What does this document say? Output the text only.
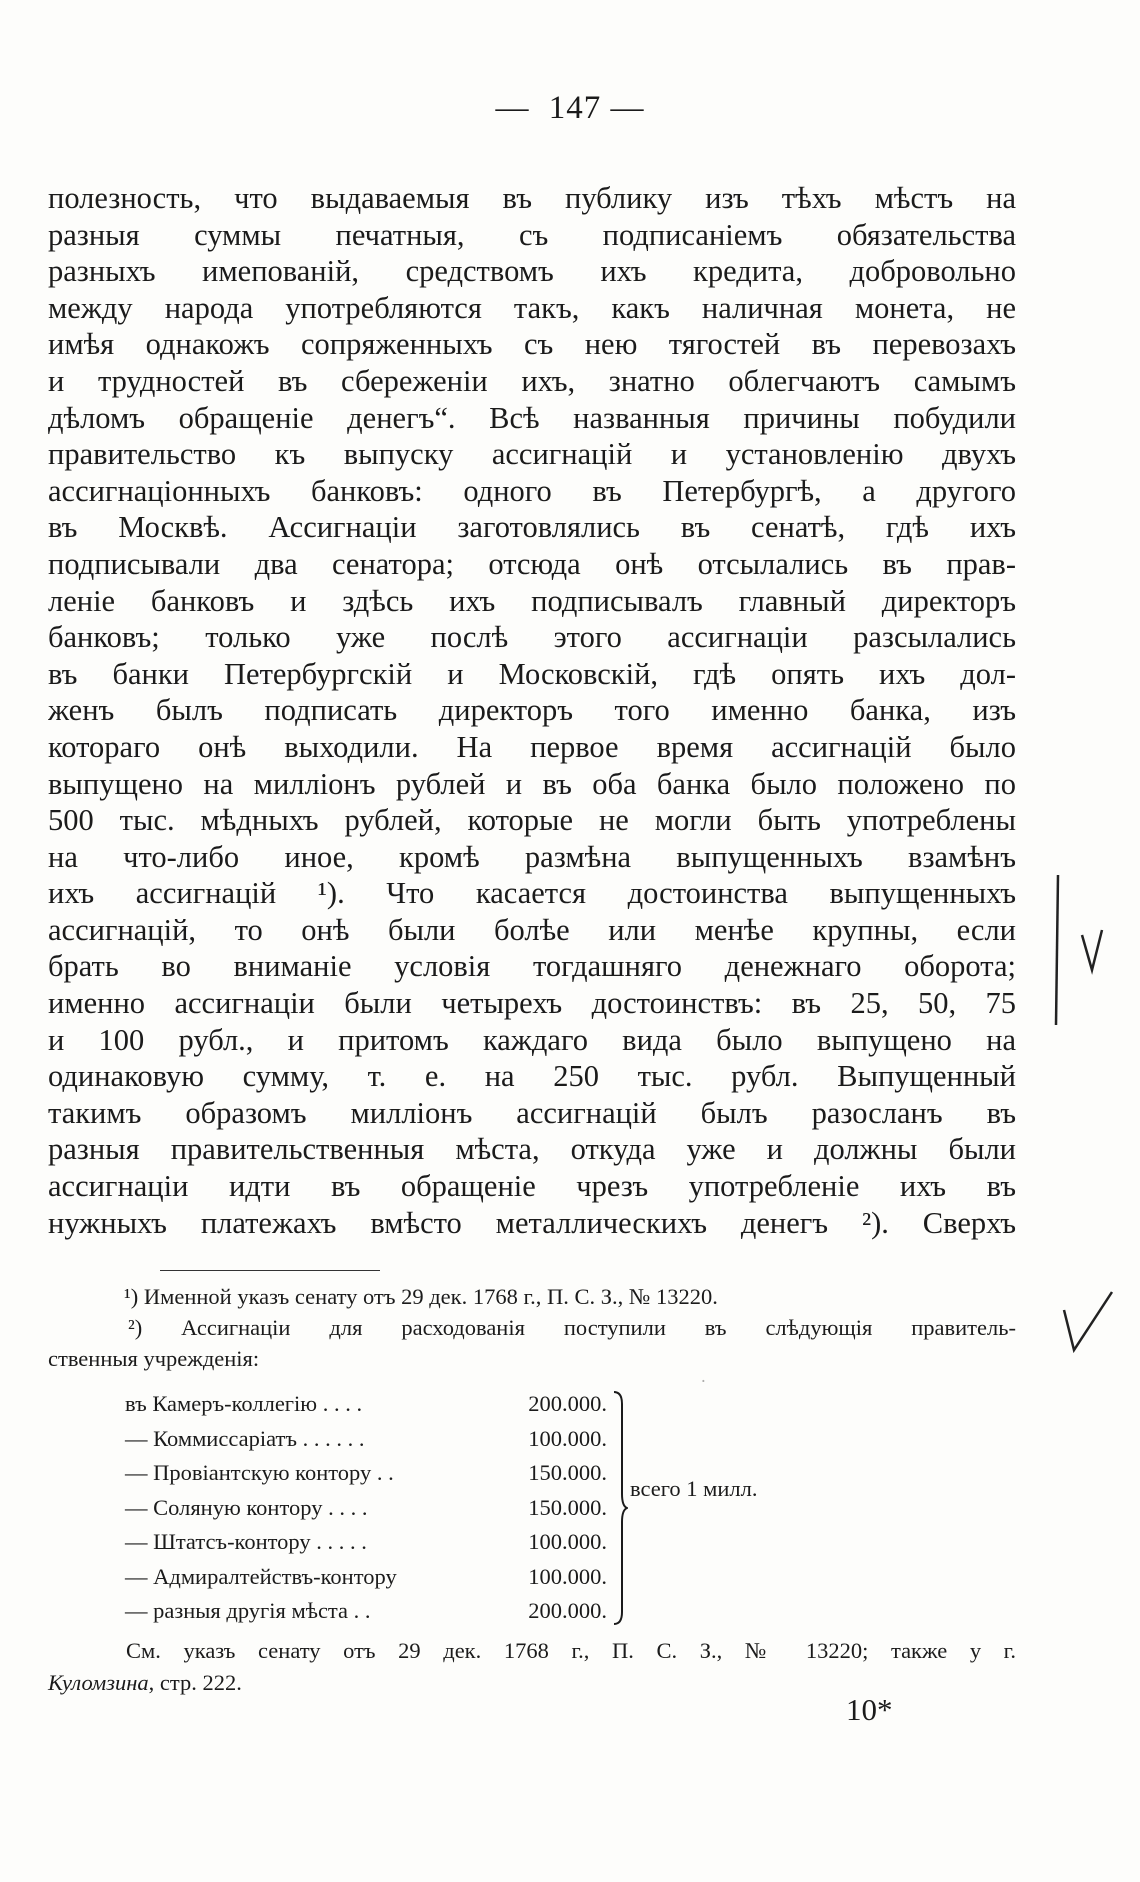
— 147 —
полезность, что выдаваемыя въ публику изъ тѣхъ мѣстъ на
разныя суммы печатныя, съ подписаніемъ обязательства
разныхъ имепованій, средствомъ ихъ кредита, добровольно
между народа употребляются такъ, какъ наличная монета, не
имѣя однакожъ сопряженныхъ съ нею тягостей въ перевозахъ
и трудностей въ сбереженіи ихъ, знатно облегчаютъ самымъ
дѣломъ обращеніе денегъ“. Всѣ названныя причины побудили
правительство къ выпуску ассигнацій и установленію двухъ
ассигнаціонныхъ банковъ: одного въ Петербургѣ, а другого
въ Москвѣ. Ассигнаціи заготовлялись въ сенатѣ, гдѣ ихъ
подписывали два сенатора; отсюда онѣ отсылались въ прав-
леніе банковъ и здѣсь ихъ подписывалъ главный директоръ
банковъ; только уже послѣ этого ассигнаціи разсылались
въ банки Петербургскій и Московскій, гдѣ опять ихъ дол-
женъ былъ подписать директоръ того именно банка, изъ
котораго онѣ выходили. На первое время ассигнацій было
выпущено на милліонъ рублей и въ оба банка было положено по
500 тыс. мѣдныхъ рублей, которые не могли быть употреблены
на что-либо иное, кромѣ размѣна выпущенныхъ взамѣнъ
ихъ ассигнацій ¹). Что касается достоинства выпущенныхъ
ассигнацій, то онѣ были болѣе или менѣе крупны, если
брать во вниманіе условія тогдашняго денежнаго оборота;
именно ассигнаціи были четырехъ достоинствъ: въ 25, 50, 75
и 100 рубл., и притомъ каждаго вида было выпущено на
одинаковую сумму, т. е. на 250 тыс. рубл. Выпущенный
такимъ образомъ милліонъ ассигнацій былъ разосланъ въ
разныя правительственныя мѣста, откуда уже и должны были
ассигнаціи идти въ обращеніе чрезъ употребленіе ихъ въ
нужныхъ платежахъ вмѣсто металлическихъ денегъ ²). Сверхъ
¹) Именной указъ сенату отъ 29 дек. 1768 г., П. С. З., № 13220.
²) Ассигнаціи для расходованія поступили въ слѣдующія правитель-
ственныя учрежденія:
въ Камеръ-коллегію . . . .	200.000.
— Коммиссаріатъ . . . . . .	100.000.
— Провіантскую контору . .	150.000.
— Соляную контору . . . .	150.000.
— Штатсъ-контору . . . . .	100.000.
— Адмиралтействъ-контору	100.000.
— разныя другія мѣста . .	200.000.
всего 1 милл.
См. указъ сенату отъ 29 дек. 1768 г., П. С. З., № 13220; также у г.
Куломзина, стр. 222.
10*
˙
